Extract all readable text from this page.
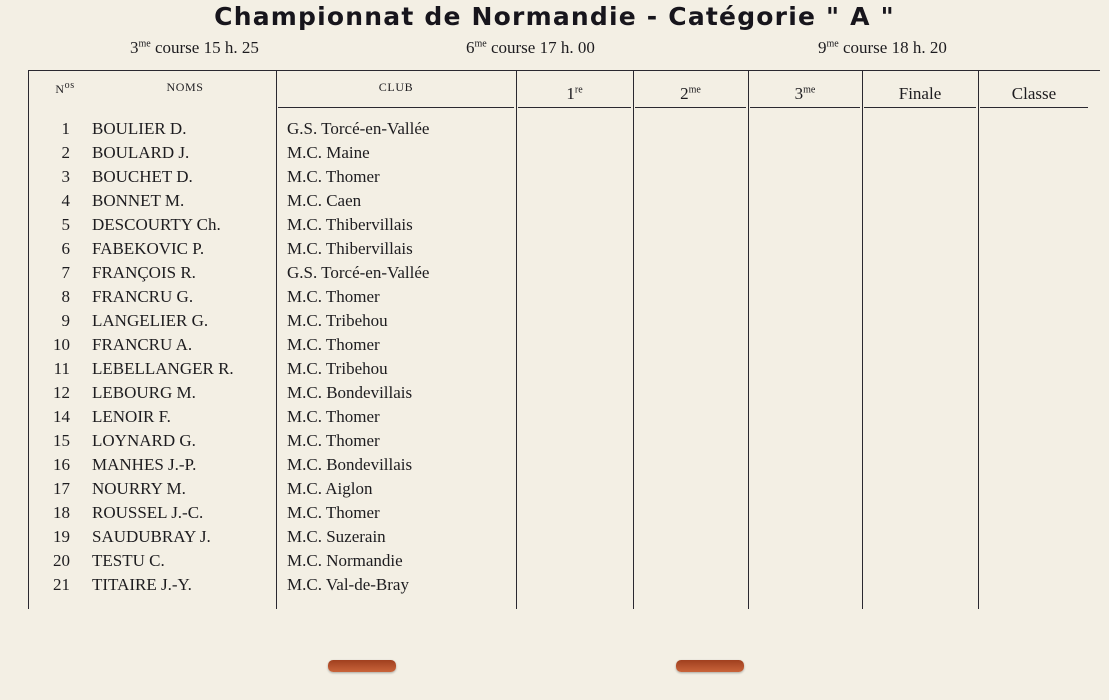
Championnat de Normandie - Catégorie " A "
$3^{me}$ course 15 h. 25	$6^{me}$ course 17 h. 00	$9^{me}$ course 18 h. 20
$N^{os}$	NOMS	CLUB	1re	$2^{me}$	$3^{me}$	Finale	Classe
1 BOULIER D.	G.S. Torcé-en-Vallée
2 BOULARD J.	M.C. Maine
3 BOUCHET D.	M.C. Thomer
4 BONNET M.	M.C. Caen
5 DESCOURTY Ch.	M.C. Thibervillais
6 FABEKOVIC P.	M.C. Thibervillais
7 FRANÇOIS R.	G.S. Torcé-en-Vallée
8 FRANCRU G.	M.C. Thomer
9 LANGELIER G.	M.C. Tribehou
10 FRANCRU A.	M.C. Thomer
11 LEBELLANGER R.	M.C. Tribehou
12 LEBOURG M.	M.C. Bondevillais
14 LENOIR F.	M.C. Thomer
15 LOYNARD G.	M.C. Thomer
16 MANHES J.-P.	M.C. Bondevillais
17 NOURRY M.	M.C. Aiglon
18 ROUSSEL J.-C.	M.C. Thomer
19 SAUDUBRAY J.	M.C. Suzerain
20 TESTU C.	M.C. Normandie
21 TITAIRE J.-Y.	M.C. Val-de-Bray
